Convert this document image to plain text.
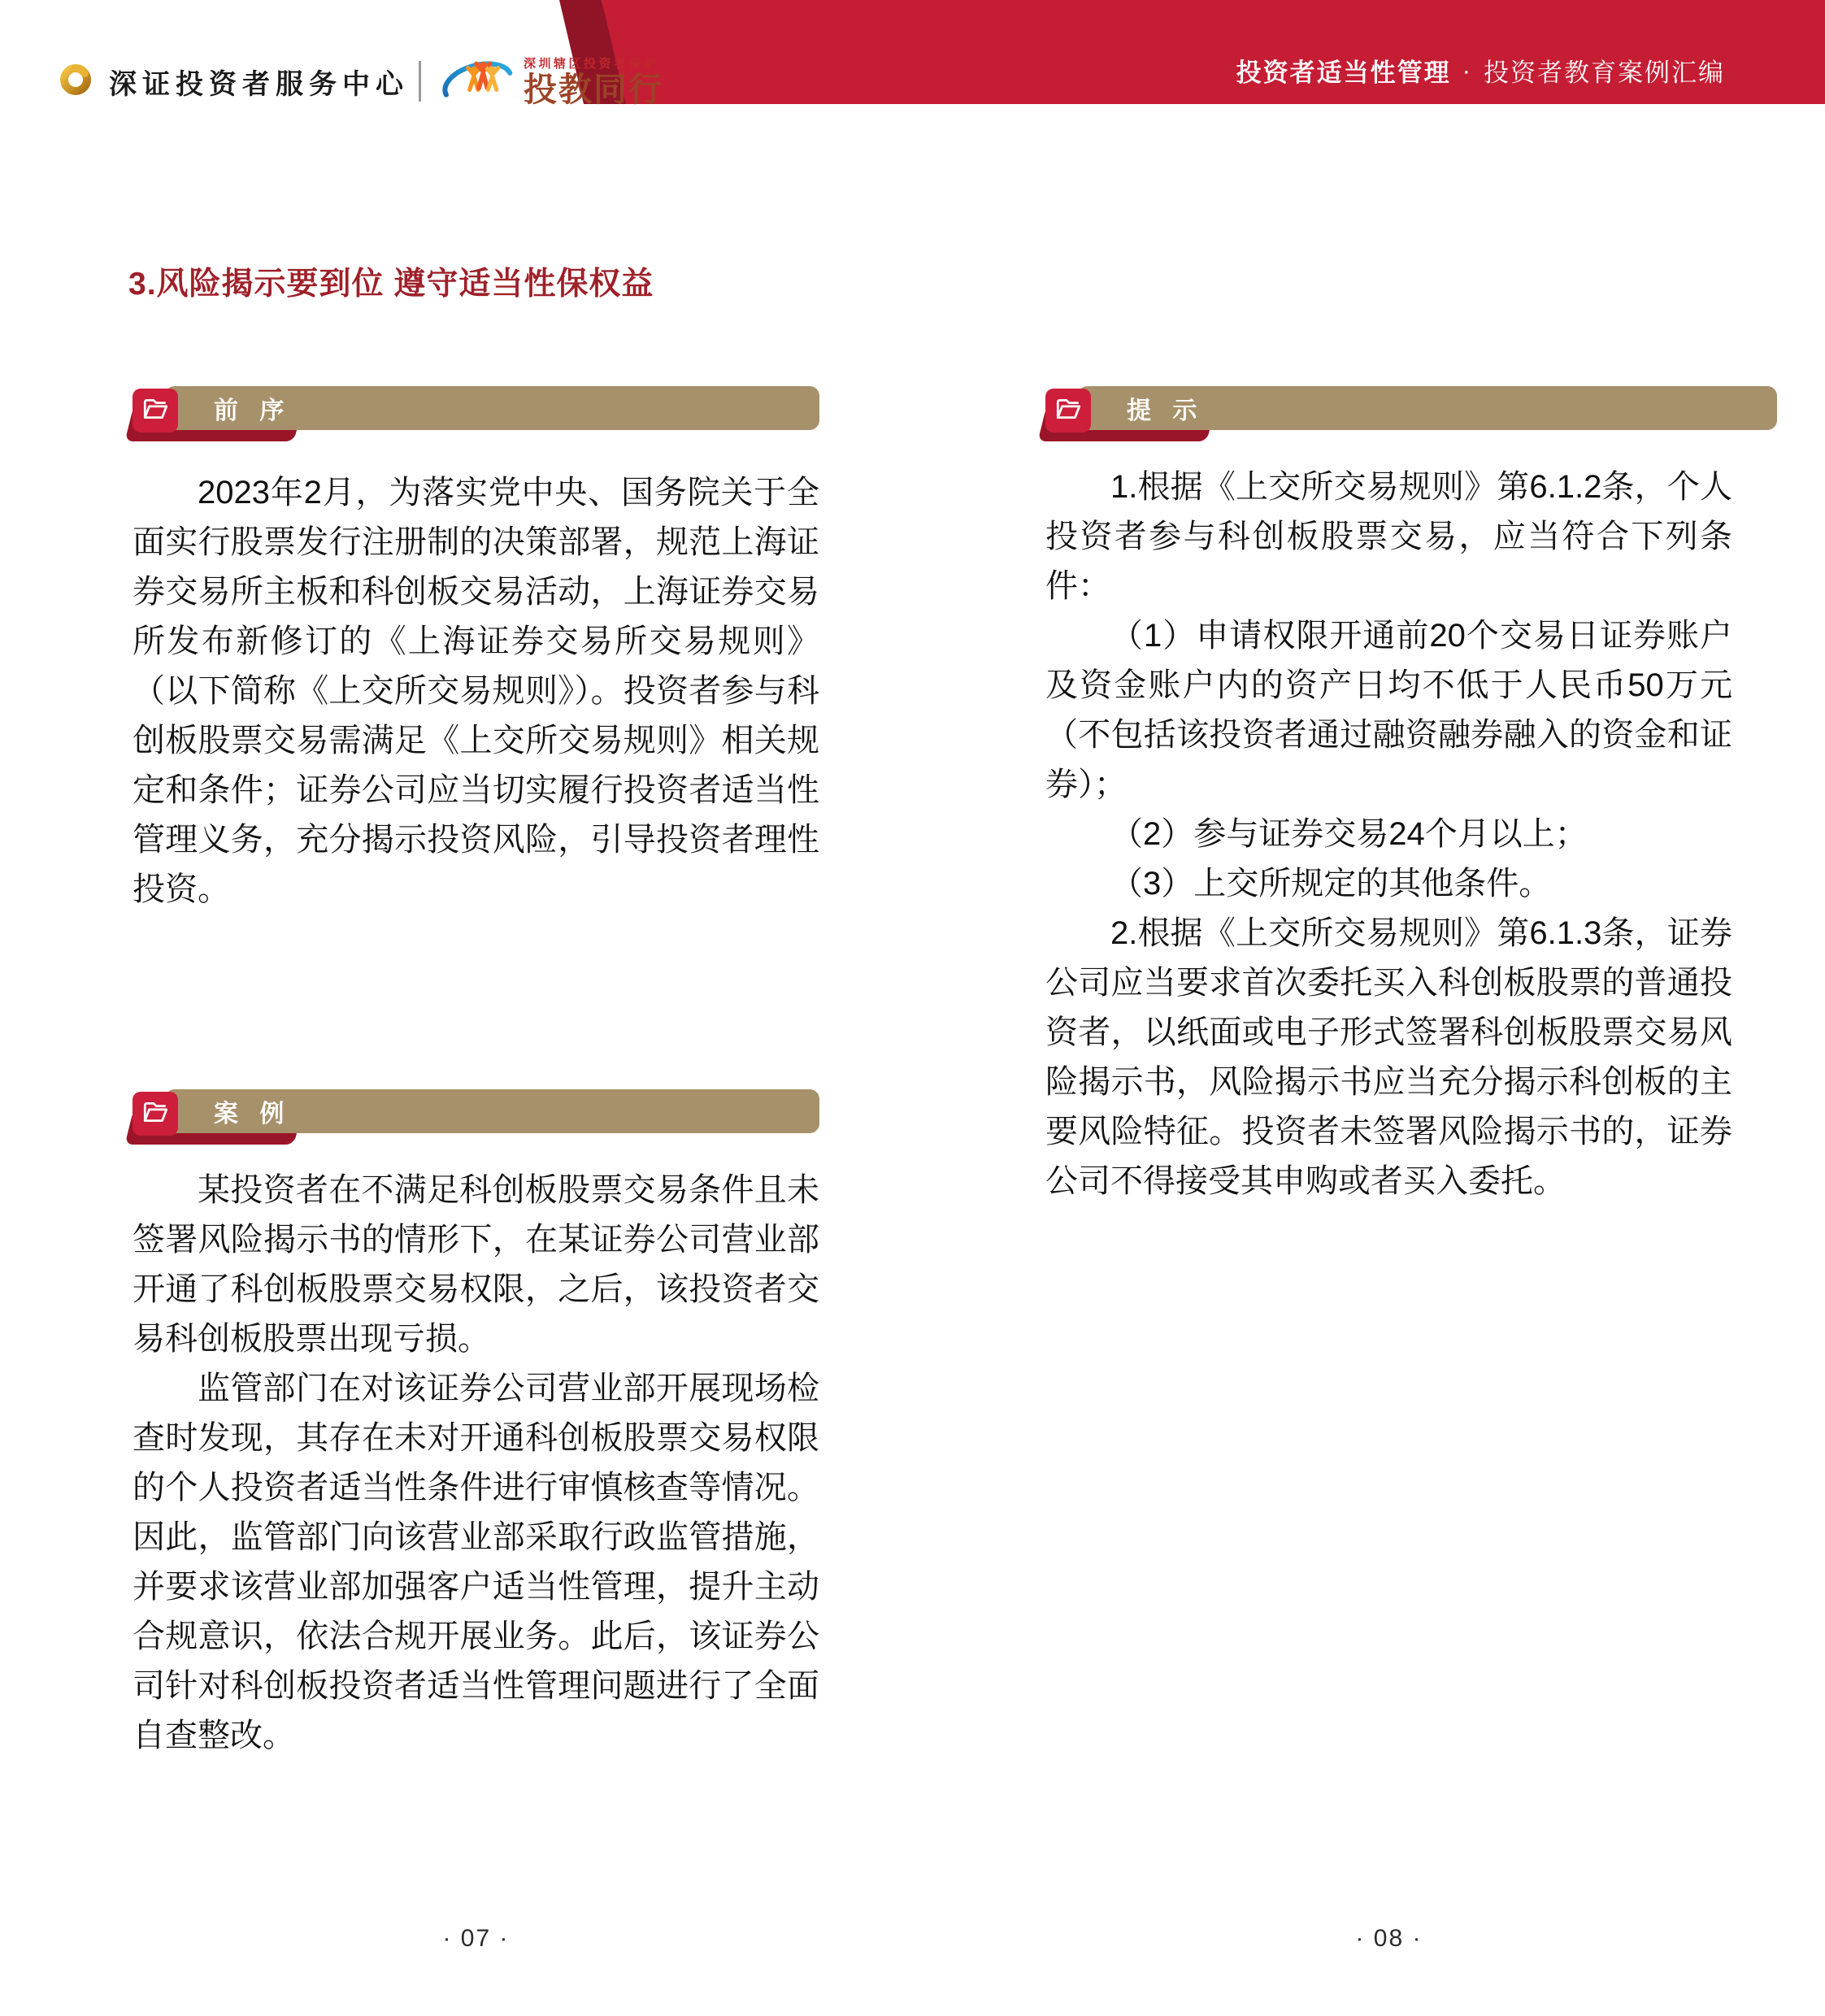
投资者适当性管理 · 投资者教育案例汇编
深证投资者服务中心
深圳辖区投资者保护
投教同行
3.风险揭示要到位 遵守适当性保权益
前 序

2023年2月，为落实党中央、国务院关于全面实行股票发行注册制的决策部署，规范上海证券交易所主板和科创板交易活动，上海证券交易所发布新修订的《上海证券交易所交易规则》（以下简称《上交所交易规则》）。投资者参与科创板股票交易需满足《上交所交易规则》相关规定和条件；证券公司应当切实履行投资者适当性管理义务，充分揭示投资风险，引导投资者理性投资。

案 例

某投资者在不满足科创板股票交易条件且未签署风险揭示书的情形下，在某证券公司营业部开通了科创板股票交易权限，之后，该投资者交易科创板股票出现亏损。

监管部门在对该证券公司营业部开展现场检查时发现，其存在未对开通科创板股票交易权限的个人投资者适当性条件进行审慎核查等情况。因此，监管部门向该营业部采取行政监管措施，并要求该营业部加强客户适当性管理，提升主动合规意识，依法合规开展业务。此后，该证券公司针对科创板投资者适当性管理问题进行了全面自查整改。

提 示

1.根据《上交所交易规则》第6.1.2条，个人投资者参与科创板股票交易，应当符合下列条件：

（1）申请权限开通前20个交易日证券账户及资金账户内的资产日均不低于人民币50万元（不包括该投资者通过融资融券融入的资金和证券）；

（2）参与证券交易24个月以上；

（3）上交所规定的其他条件。

2.根据《上交所交易规则》第6.1.3条，证券公司应当要求首次委托买入科创板股票的普通投资者，以纸面或电子形式签署科创板股票交易风险揭示书，风险揭示书应当充分揭示科创板的主要风险特征。投资者未签署风险揭示书的，证券公司不得接受其申购或者买入委托。

· 07 ·	· 08 ·
